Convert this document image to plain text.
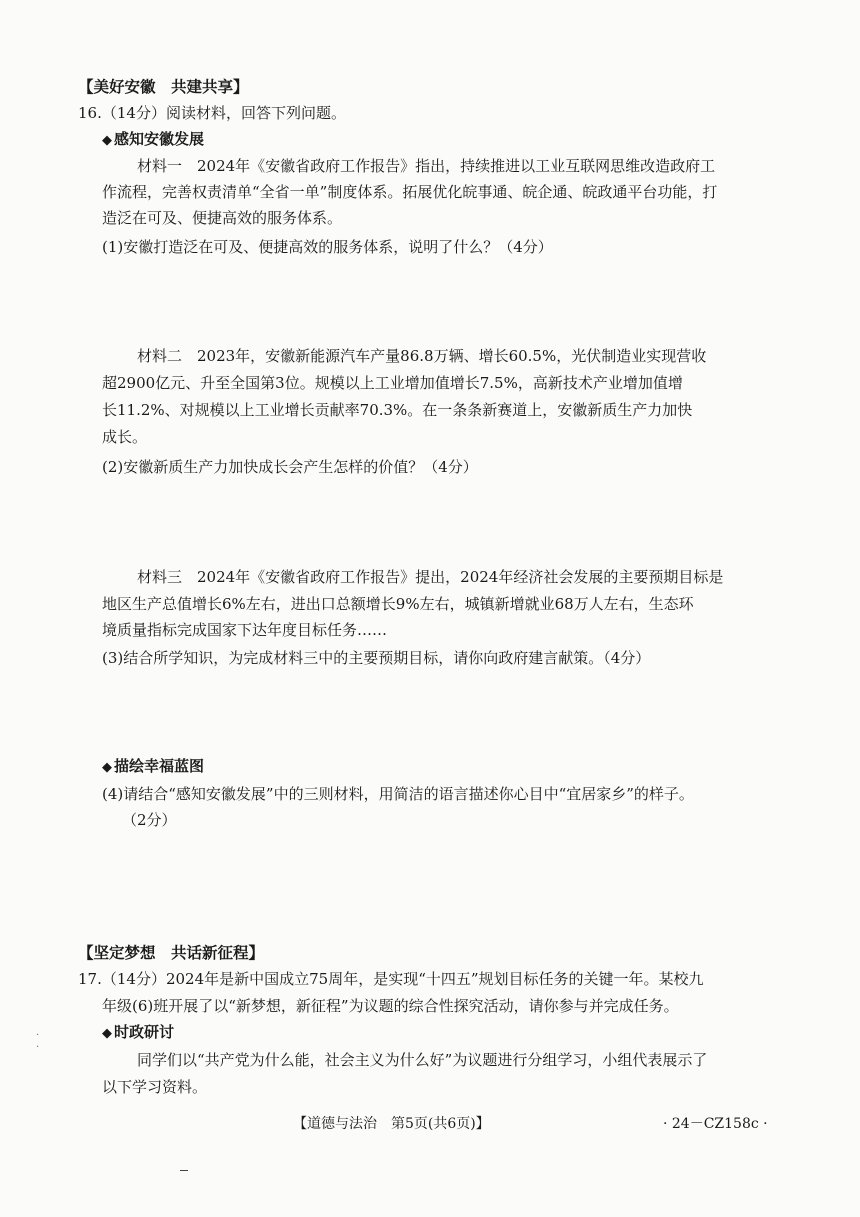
【美好安徽　共建共享】
16.（14分）阅读材料，回答下列问题。
◆ 感知安徽发展
材料一　2024年《安徽省政府工作报告》指出，持续推进以工业互联网思维改造政府工
作流程，完善权责清单“全省一单”制度体系。拓展优化皖事通、皖企通、皖政通平台功能，打
造泛在可及、便捷高效的服务体系。
(1)安徽打造泛在可及、便捷高效的服务体系，说明了什么？（4分）
材料二　2023年，安徽新能源汽车产量86.8万辆、增长60.5%，光伏制造业实现营收
超2900亿元、升至全国第3位。规模以上工业增加值增长7.5%，高新技术产业增加值增
长11.2%、对规模以上工业增长贡献率70.3%。在一条条新赛道上，安徽新质生产力加快
成长。
(2)安徽新质生产力加快成长会产生怎样的价值？（4分）
材料三　2024年《安徽省政府工作报告》提出，2024年经济社会发展的主要预期目标是
地区生产总值增长6%左右，进出口总额增长9%左右，城镇新增就业68万人左右，生态环
境质量指标完成国家下达年度目标任务……
(3)结合所学知识，为完成材料三中的主要预期目标，请你向政府建言献策。（4分）
◆ 描绘幸福蓝图
(4)请结合“感知安徽发展”中的三则材料，用简洁的语言描述你心目中“宜居家乡”的样子。
（2分）
【坚定梦想　共话新征程】
17.（14分）2024年是新中国成立75周年，是实现“十四五”规划目标任务的关键一年。某校九
年级(6)班开展了以“新梦想，新征程”为议题的综合性探究活动，请你参与并完成任务。
◆ 时政研讨
同学们以“共产党为什么能，社会主义为什么好”为议题进行分组学习，小组代表展示了
以下学习资料。
【道德与法治　第5页(共6页)】	· 24－CZ158c ·
·
·
